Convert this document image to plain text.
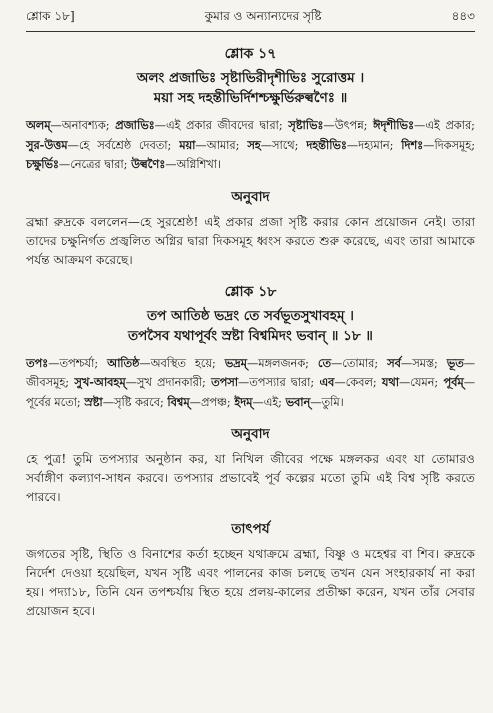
শ্লোক ১৮]	কুমার ও অন্যান্যদের সৃষ্টি	৪৪৩
শ্লোক ১৭
অলং প্রজাভিঃ সৃষ্টাভিরীদৃশীভিঃ সুরোত্তম ।
ময়া সহ দহন্তীভির্দিশশ্চক্ষুর্ভিরুল্বণৈঃ ॥
অলম্—অনাবশ্যক; প্রজাভিঃ—এই প্রকার জীবদের দ্বারা; সৃষ্টাভিঃ—উৎপন্ন; ঈদৃশীভিঃ—এই প্রকার; সুর-উত্তম—হে সর্বশ্রেষ্ঠ দেবতা; ময়া—আমার; সহ—সাথে; দহন্তীভিঃ—দহ্যমান; দিশঃ—দিকসমূহ; চক্ষুর্ভিঃ—নেত্রের দ্বারা; উল্বণৈঃ—অগ্নিশিখা।
অনুবাদ
ব্রহ্মা রুদ্রকে বললেন—হে সুরশ্রেষ্ঠ! এই প্রকার প্রজা সৃষ্টি করার কোন প্রয়োজন নেই। তারা তাদের চক্ষুনির্গত প্রজ্বলিত অগ্নির দ্বারা দিকসমূহ ধ্বংস করতে শুরু করেছে, এবং তারা আমাকে পর্যন্ত আক্রমণ করেছে।
শ্লোক ১৮
তপ আতিষ্ঠ ভদ্রং তে সর্বভূতসুখাবহম্ ।
তপসৈব যথাপূর্বং স্রষ্টা বিশ্বমিদং ভবান্ ॥ ১৮ ॥
তপঃ—তপশ্চর্যা; আতিষ্ঠ—অবস্থিত হয়ে; ভদ্রম্—মঙ্গলজনক; তে—তোমার; সর্ব—সমস্ত; ভূত—জীবসমূহ; সুখ-আবহম্—সুখ প্রদানকারী; তপসা—তপস্যার দ্বারা; এব—কেবল; যথা—যেমন; পূর্বম্—পূর্বের মতো; স্রষ্টা—সৃষ্টি করবে; বিশ্বম্—প্রপঞ্চ; ইদম্—এই; ভবান্—তুমি।
অনুবাদ
হে পুত্র! তুমি তপস্যার অনুষ্ঠান কর, যা নিখিল জীবের পক্ষে মঙ্গলকর এবং যা তোমারও সর্বাঙ্গীণ কল্যাণ-সাধন করবে। তপস্যার প্রভাবেই পূর্ব কল্পের মতো তুমি এই বিশ্ব সৃষ্টি করতে পারবে।
তাৎপর্য
জগতের সৃষ্টি, স্থিতি ও বিনাশের কর্তা হচ্ছেন যথাক্রমে ব্রহ্মা, বিষ্ণু ও মহেশ্বর বা শিব। রুদ্রকে নির্দেশ দেওয়া হয়েছিল, যখন সৃষ্টি এবং পালনের কাজ চলছে তখন যেন সংহারকার্য না করা হয়। পদ্যা১৮, তিনি যেন তপশ্চর্যায় স্থিত হয়ে প্রলয়-কালের প্রতীক্ষা করেন, যখন তাঁর সেবার প্রয়োজন হবে।
